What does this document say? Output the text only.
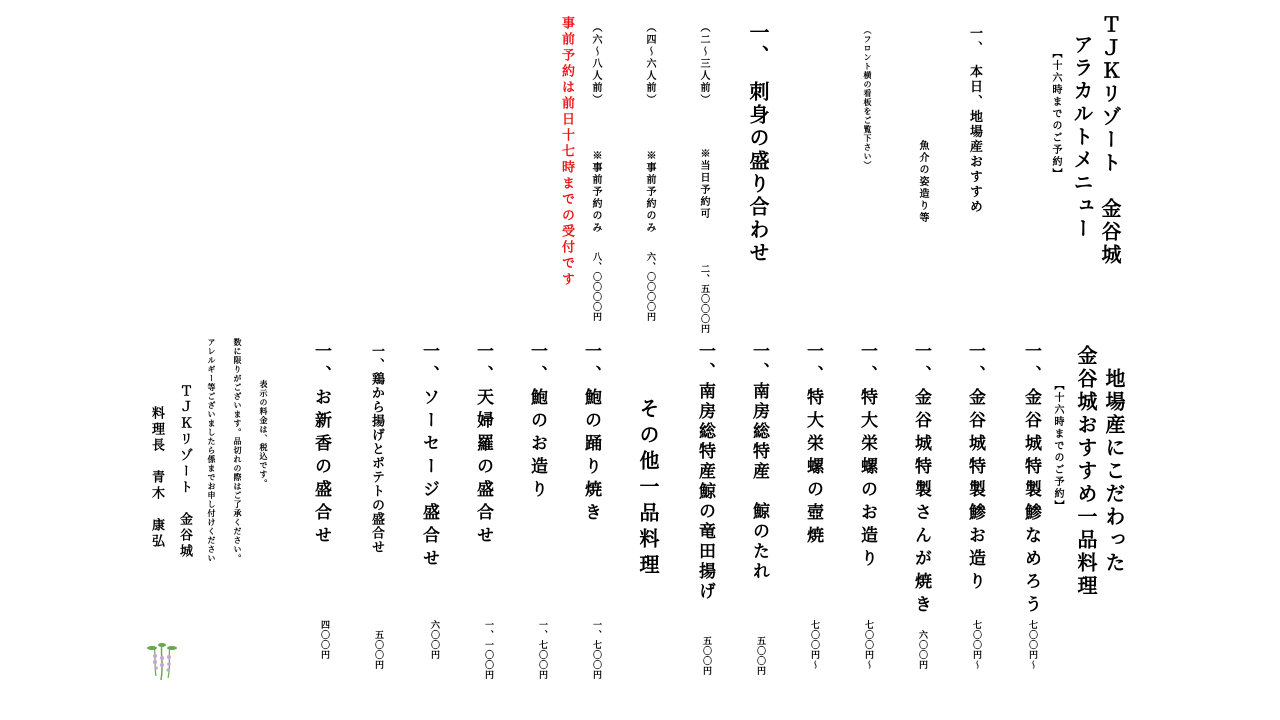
ＴＪＫリゾート　金谷城
アラカルトメニュー
【十六時までのご予約】
一、　本日、地場産おすすめ
魚介の姿造り等
（フロント横の看板をご覧下さい）
一、　刺身の盛り合わせ
（二～三人前）
※当日予約可
二、五〇〇〇円
（四～六人前）
※事前予約のみ
六、〇〇〇〇円
（六～八人前）
※事前予約のみ
八、〇〇〇〇円
事前予約は前日十七時までの受付です
地場産にこだわった
金谷城おすすめ一品料理
【十六時までのご予約】
一、金谷城特製鯵なめろう
七〇〇円～
一、金谷城特製鯵お造り
七〇〇円～
一、金谷城特製さんが焼き
六〇〇円
一、特大栄螺のお造り
七〇〇円～
一、特大栄螺の壺焼
七〇〇円～
一、南房総特産　鯨のたれ
五〇〇円
一、南房総特産鯨の竜田揚げ
五〇〇円
その他一品料理
一、鮑の踊り焼き
一、七〇〇円
一、鮑のお造り
一、七〇〇円
一、天婦羅の盛合せ
一、一〇〇円
一、ソーセージ盛合せ
六〇〇円
一、鶏から揚げとポテトの盛合せ
五〇〇円
一、お新香の盛合せ
四〇〇円
表示の料金は、税込です。
数に限りがございます。品切れの際はご了承ください。
アレルギー等ございましたら係までお申し付けください
ＴＪＫリゾート　金谷城
料理長　青木　康弘
